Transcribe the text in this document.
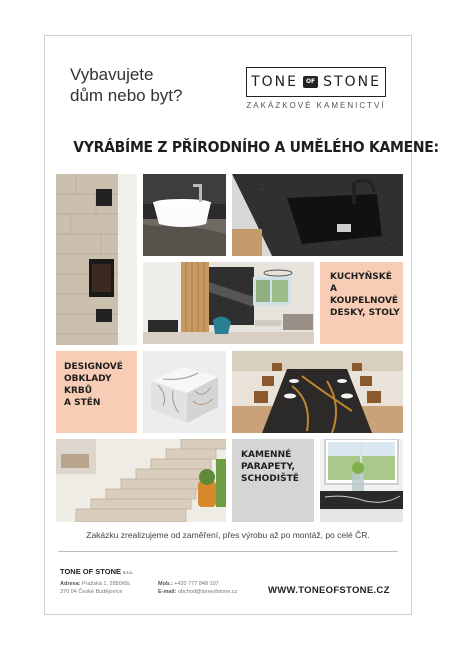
Vybavujete
dům nebo byt?
TONE	OF STONE
ZAKÁZKOVÉ KAMENICTVÍ
VYRÁBÍME Z PŘÍRODNÍHO A UMĚLÉHO KAMENE:
KUCHYŇSKÉ
A KOUPELNOVÉ
DESKY, STOLY
DESIGNOVÉ
OBKLADY KRBŮ
A STĚN
KAMENNÉ
PARAPETY,
SCHODIŠTĚ
Zakázku zrealizujeme od zaměření, přes výrobu až po montáž, po celé ČR.
TONE OF STONE s.r.o.
Adresa: Pražská 1, 2850/6b,
370 04 České Budějovice
Mob.: +420 777 848 107
E-mail: obchod@toneofstone.cz	WWW.TONEOFSTONE.CZ
